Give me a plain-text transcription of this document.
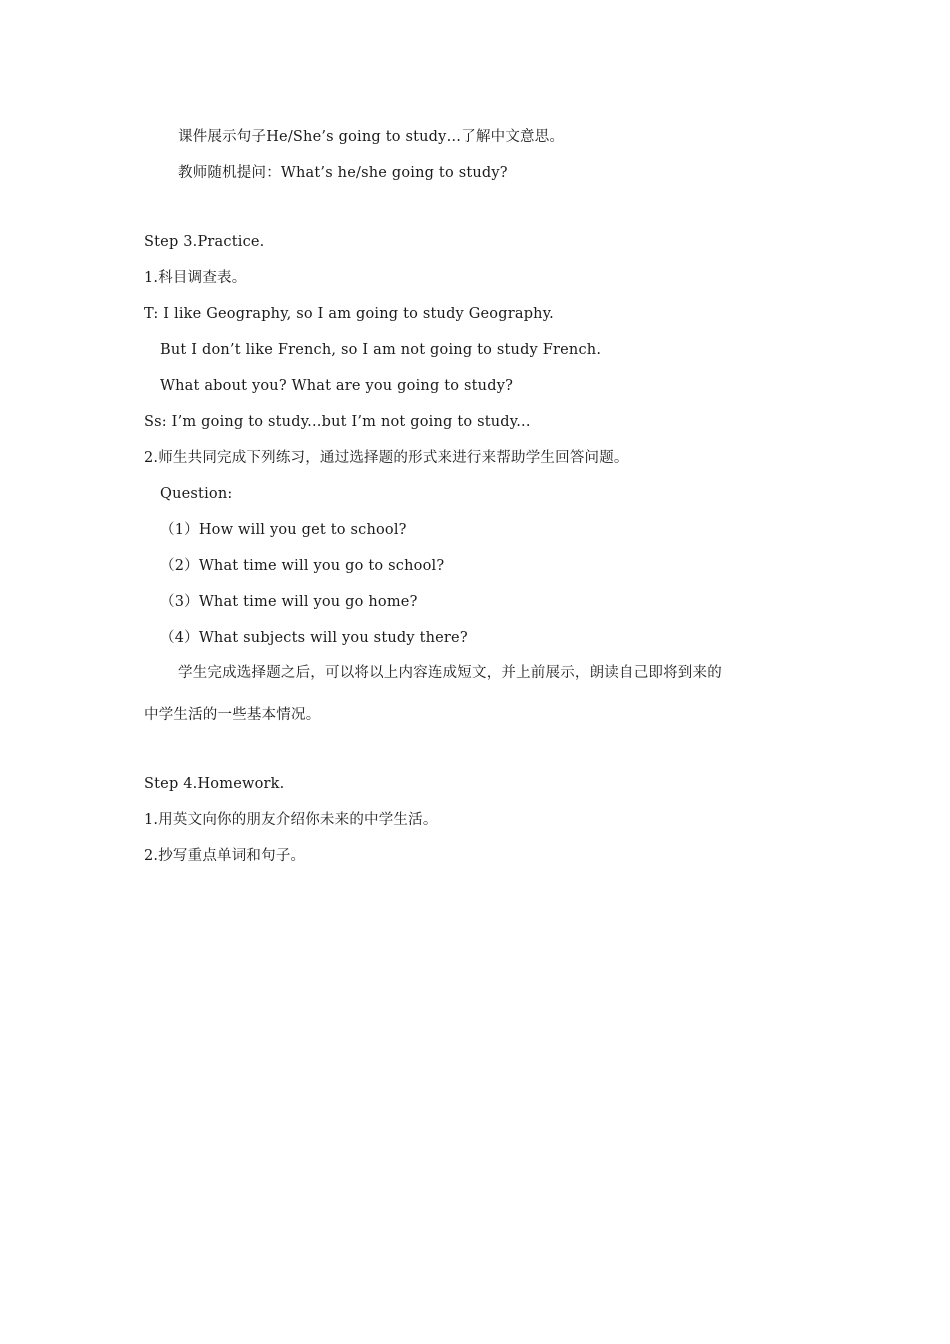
课件展示句子He/She’s going to study…了解中文意思。
教师随机提问：What’s he/she going to study?
Step 3.Practice.
1.科目调查表。
T: I like Geography, so I am going to study Geography.
But I don’t like French, so I am not going to study French.
What about you? What are you going to study?
Ss: I’m going to study...but I’m not going to study...
2.师生共同完成下列练习，通过选择题的形式来进行来帮助学生回答问题。
Question:
（1）How will you get to school?
（2）What time will you go to school?
（3）What time will you go home?
（4）What subjects will you study there?
学生完成选择题之后，可以将以上内容连成短文，并上前展示，朗读自己即将到来的
中学生活的一些基本情况。
Step 4.Homework.
1.用英文向你的朋友介绍你未来的中学生活。
2.抄写重点单词和句子。
